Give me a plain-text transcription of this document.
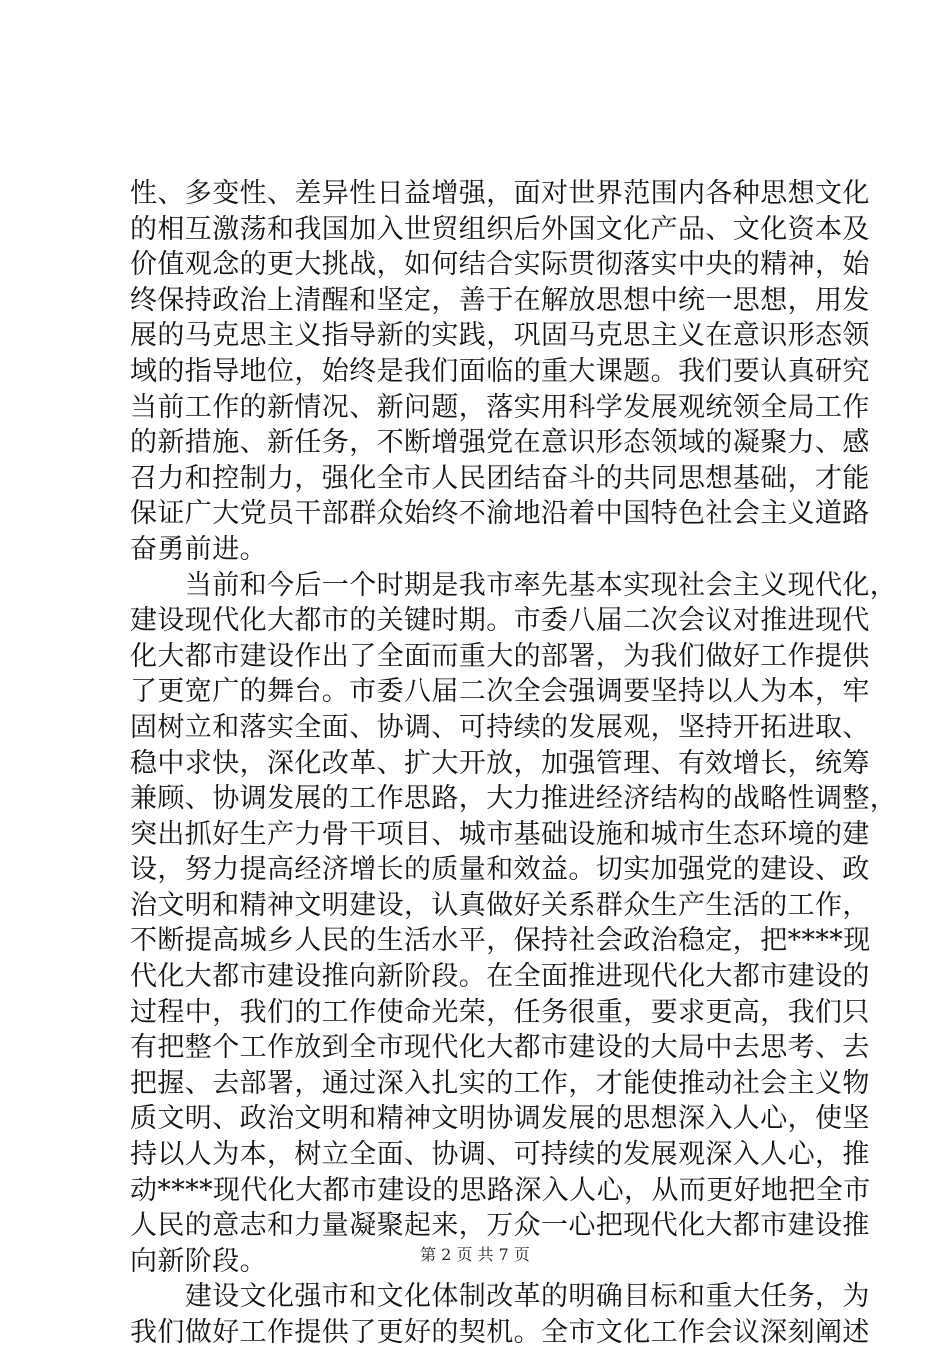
性、多变性、差异性日益增强，面对世界范围内各种思想文化
的相互激荡和我国加入世贸组织后外国文化产品、文化资本及
价值观念的更大挑战，如何结合实际贯彻落实中央的精神，始
终保持政治上清醒和坚定，善于在解放思想中统一思想，用发
展的马克思主义指导新的实践，巩固马克思主义在意识形态领
域的指导地位，始终是我们面临的重大课题。我们要认真研究
当前工作的新情况、新问题，落实用科学发展观统领全局工作
的新措施、新任务，不断增强党在意识形态领域的凝聚力、感
召力和控制力，强化全市人民团结奋斗的共同思想基础，才能
保证广大党员干部群众始终不渝地沿着中国特色社会主义道路
奋勇前进。
　　当前和今后一个时期是我市率先基本实现社会主义现代化，
建设现代化大都市的关键时期。市委八届二次会议对推进现代
化大都市建设作出了全面而重大的部署，为我们做好工作提供
了更宽广的舞台。市委八届二次全会强调要坚持以人为本，牢
固树立和落实全面、协调、可持续的发展观，坚持开拓进取、
稳中求快，深化改革、扩大开放，加强管理、有效增长，统筹
兼顾、协调发展的工作思路，大力推进经济结构的战略性调整，
突出抓好生产力骨干项目、城市基础设施和城市生态环境的建
设，努力提高经济增长的质量和效益。切实加强党的建设、政
治文明和精神文明建设，认真做好关系群众生产生活的工作，
不断提高城乡人民的生活水平，保持社会政治稳定，把****现
代化大都市建设推向新阶段。在全面推进现代化大都市建设的
过程中，我们的工作使命光荣，任务很重，要求更高，我们只
有把整个工作放到全市现代化大都市建设的大局中去思考、去
把握、去部署，通过深入扎实的工作，才能使推动社会主义物
质文明、政治文明和精神文明协调发展的思想深入人心，使坚
持以人为本，树立全面、协调、可持续的发展观深入人心，推
动****现代化大都市建设的思路深入人心，从而更好地把全市
人民的意志和力量凝聚起来，万众一心把现代化大都市建设推
向新阶段。
　　建设文化强市和文化体制改革的明确目标和重大任务，为
我们做好工作提供了更好的契机。全市文化工作会议深刻阐述
第 2 页 共 7 页
